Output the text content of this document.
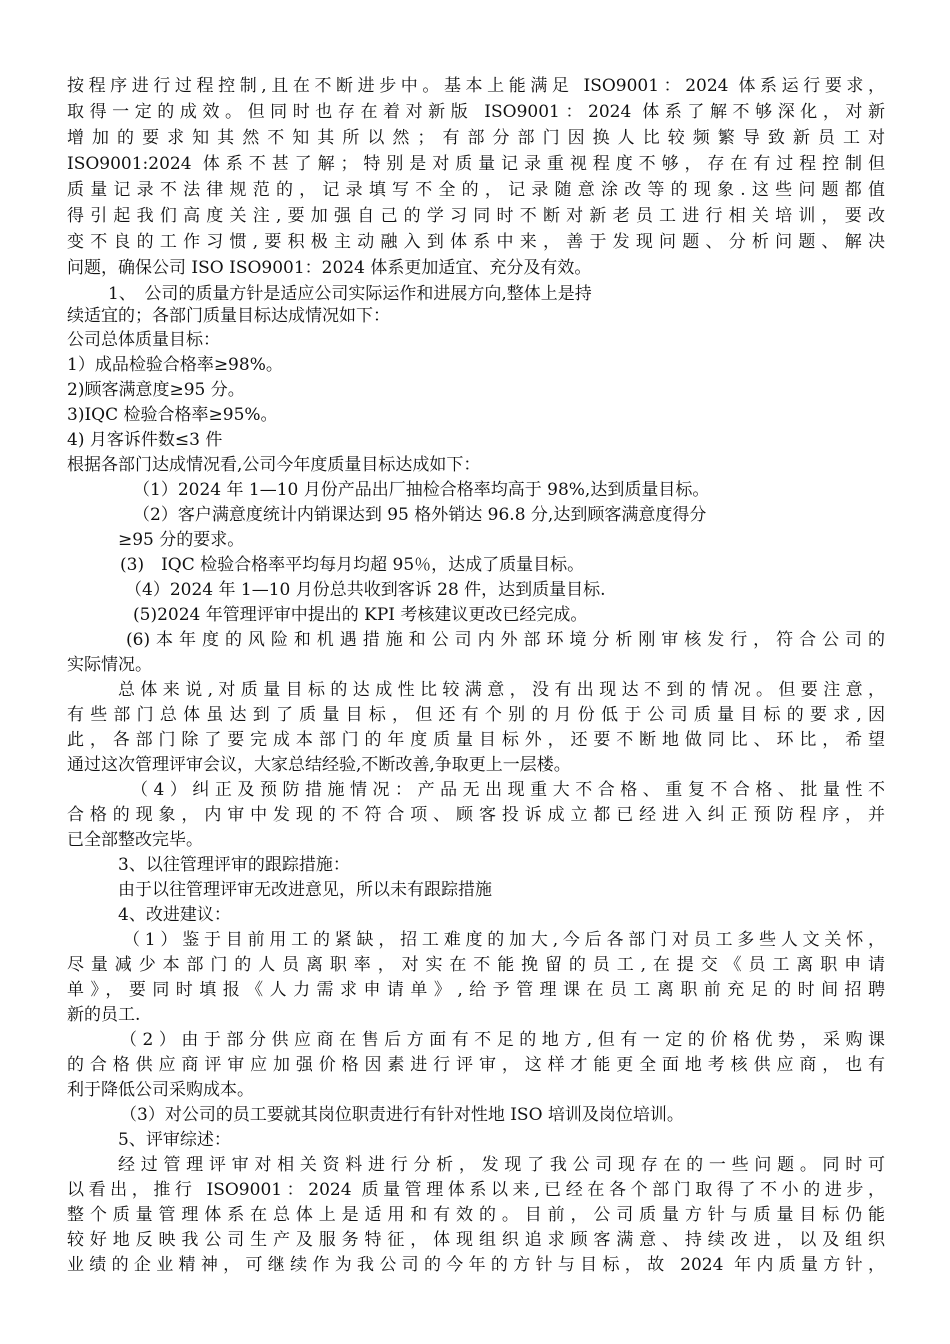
按程序进行过程控制,且在不断进步中。基本上能满足 ISO9001：2024 体系运行要求，
取得一定的成效。但同时也存在着对新版 ISO9001：2024 体系了解不够深化，对新
增加的要求知其然不知其所以然；有部分部门因换人比较频繁导致新员工对
ISO9001:2024 体系不甚了解；特别是对质量记录重视程度不够，存在有过程控制但
质量记录不法律规范的，记录填写不全的，记录随意涂改等的现象.这些问题都值
得引起我们高度关注,要加强自己的学习同时不断对新老员工进行相关培训，要改
变不良的工作习惯,要积极主动融入到体系中来，善于发现问题、分析问题、解决
问题，确保公司 ISO ISO9001：2024 体系更加适宜、充分及有效。
1、　公司的质量方针是适应公司实际运作和进展方向,整体上是持
续适宜的；各部门质量目标达成情况如下：
公司总体质量目标：
1）成品检验合格率≥98%。
2)顾客满意度≥95 分。
3)IQC 检验合格率≥95%。
4) 月客诉件数≤3 件
根据各部门达成情况看,公司今年度质量目标达成如下：
（1）2024 年 1—10 月份产品出厂抽检合格率均高于 98%,达到质量目标。
（2）客户满意度统计内销课达到 95 格外销达 96.8 分,达到顾客满意度得分
≥95 分的要求。
(3)　IQC 检验合格率平均每月均超 95％，达成了质量目标。
（4）2024 年 1—10 月份总共收到客诉 28 件，达到质量目标.
(5)2024 年管理评审中提出的 KPI 考核建议更改已经完成。
(6)本年度的风险和机遇措施和公司内外部环境分析刚审核发行，符合公司的
实际情况。
总体来说,对质量目标的达成性比较满意，没有出现达不到的情况。但要注意，
有些部门总体虽达到了质量目标，但还有个别的月份低于公司质量目标的要求,因
此，各部门除了要完成本部门的年度质量目标外，还要不断地做同比、环比，希望
通过这次管理评审会议，大家总结经验,不断改善,争取更上一层楼。
（4）纠正及预防措施情况：产品无出现重大不合格、重复不合格、批量性不
合格的现象，内审中发现的不符合项、顾客投诉成立都已经进入纠正预防程序，并
已全部整改完毕。
3、以往管理评审的跟踪措施：
由于以往管理评审无改进意见，所以未有跟踪措施
4、改进建议：
（1）鉴于目前用工的紧缺，招工难度的加大,今后各部门对员工多些人文关怀，
尽量减少本部门的人员离职率，对实在不能挽留的员工,在提交《员工离职申请
单》，要同时填报《人力需求申请单》,给予管理课在员工离职前充足的时间招聘
新的员工.
（2）由于部分供应商在售后方面有不足的地方,但有一定的价格优势，采购课
的合格供应商评审应加强价格因素进行评审，这样才能更全面地考核供应商，也有
利于降低公司采购成本。
（3）对公司的员工要就其岗位职责进行有针对性地 ISO 培训及岗位培训。
5、评审综述：
经过管理评审对相关资料进行分析，发现了我公司现存在的一些问题。同时可
以看出，推行 ISO9001：2024 质量管理体系以来,已经在各个部门取得了不小的进步，
整个质量管理体系在总体上是适用和有效的。目前，公司质量方针与质量目标仍能
较好地反映我公司生产及服务特征，体现组织追求顾客满意、持续改进，以及组织
业绩的企业精神，可继续作为我公司的今年的方针与目标，故 2024 年内质量方针，
